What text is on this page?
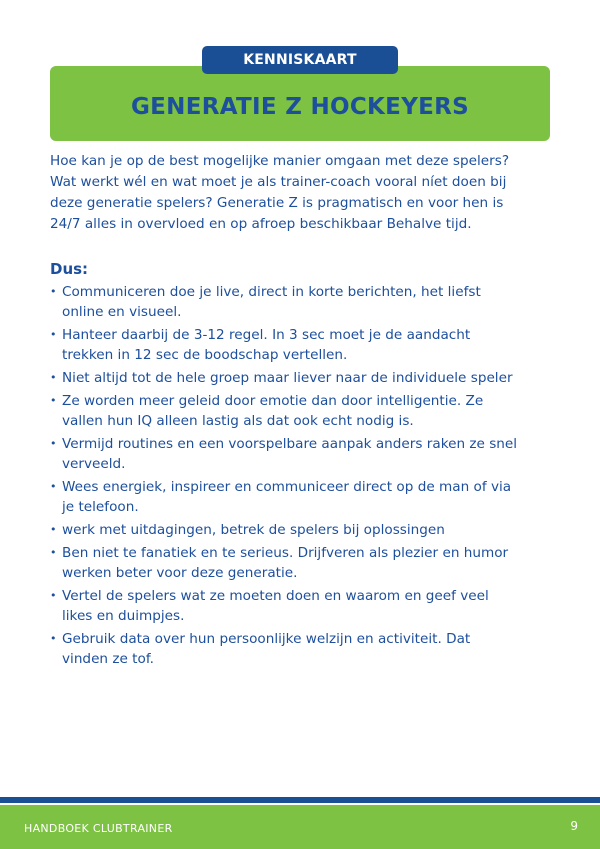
GENERATIE Z HOCKEYERS
KENNISKAART

Hoe kan je op de best mogelijke manier omgaan met deze spelers? Wat werkt wél en wat moet je als trainer-coach vooral níet doen bij deze generatie spelers? Generatie Z is pragmatisch en voor hen is 24/7 alles in overvloed en op afroep beschikbaar Behalve tijd.

Dus:
• Communiceren doe je live, direct in korte berichten, het liefst online en visueel.
• Hanteer daarbij de 3-12 regel. In 3 sec moet je de aandacht trekken in 12 sec de boodschap vertellen.
• Niet altijd tot de hele groep maar liever naar de individuele speler
• Ze worden meer geleid door emotie dan door intelligentie. Ze vallen hun IQ alleen lastig als dat ook echt nodig is.
• Vermijd routines en een voorspelbare aanpak anders raken ze snel verveeld.
• Wees energiek, inspireer en communiceer direct op de man of via je telefoon.
• werk met uitdagingen, betrek de spelers bij oplossingen
• Ben niet te fanatiek en te serieus. Drijfveren als plezier en humor werken beter voor deze generatie.
• Vertel de spelers wat ze moeten doen en waarom en geef veel likes en duimpjes.
• Gebruik data over hun persoonlijke welzijn en activiteit. Dat vinden ze tof.
HANDBOEK CLUBTRAINER	9
